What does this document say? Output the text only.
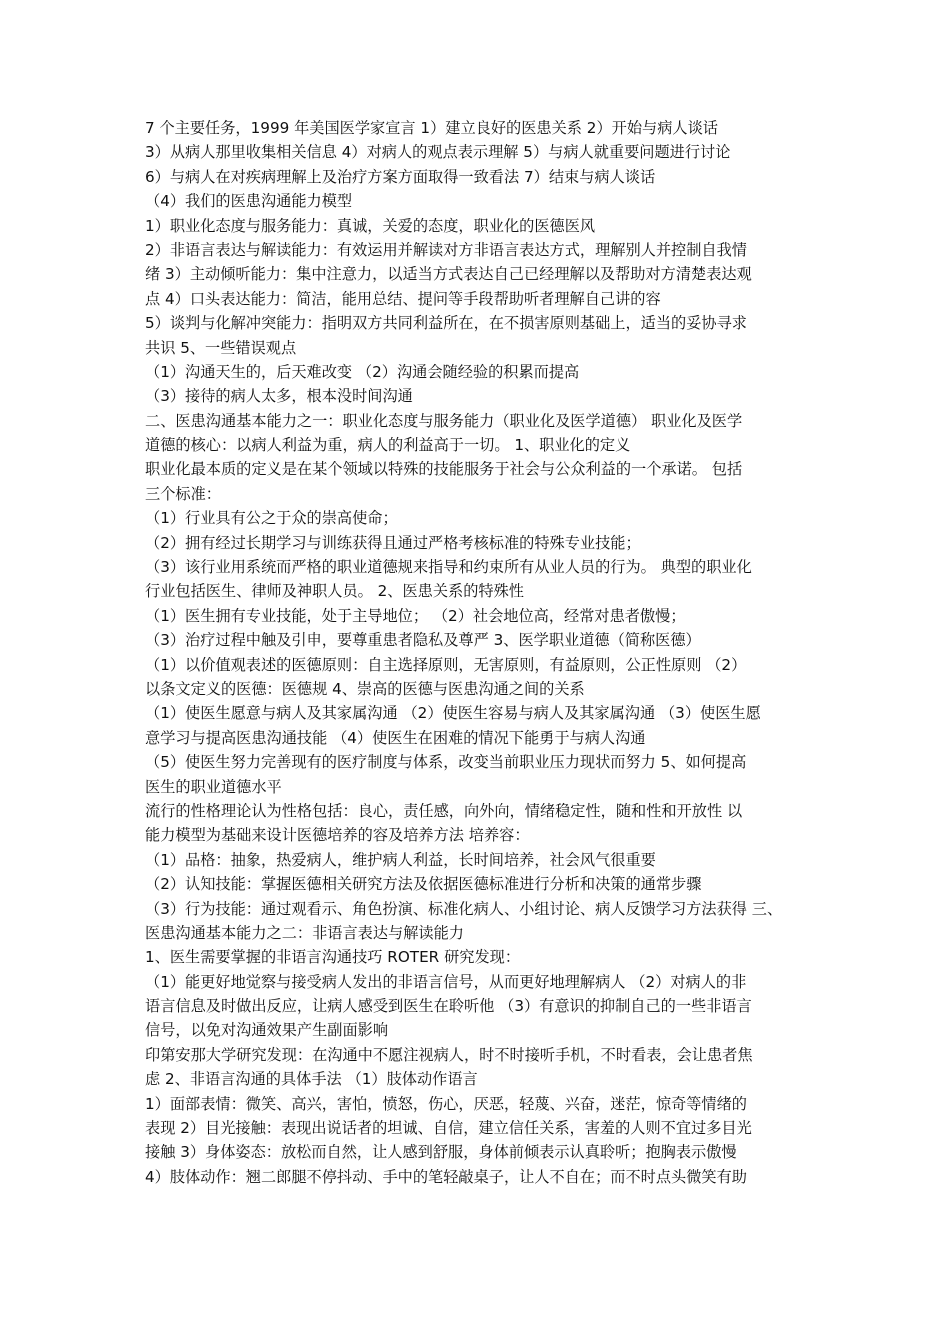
7 个主要任务，1999 年美国医学家宣言 1）建立良好的医患关系 2）开始与病人谈话
3）从病人那里收集相关信息 4）对病人的观点表示理解 5）与病人就重要问题进行讨论
6）与病人在对疾病理解上及治疗方案方面取得一致看法 7）结束与病人谈话
（4）我们的医患沟通能力模型
1）职业化态度与服务能力：真诚，关爱的态度，职业化的医德医风
2）非语言表达与解读能力：有效运用并解读对方非语言表达方式，理解别人并控制自我情
绪 3）主动倾听能力：集中注意力，以适当方式表达自己已经理解以及帮助对方清楚表达观
点 4）口头表达能力：简洁，能用总结、提问等手段帮助听者理解自己讲的容
5）谈判与化解冲突能力：指明双方共同利益所在，在不损害原则基础上，适当的妥协寻求
共识 5、一些错误观点
（1）沟通天生的，后天难改变 （2）沟通会随经验的积累而提高
（3）接待的病人太多，根本没时间沟通
二、医患沟通基本能力之一：职业化态度与服务能力（职业化及医学道德） 职业化及医学
道德的核心：以病人利益为重，病人的利益高于一切。 1、职业化的定义
职业化最本质的定义是在某个领域以特殊的技能服务于社会与公众利益的一个承诺。 包括
三个标准：
（1）行业具有公之于众的崇高使命；
（2）拥有经过长期学习与训练获得且通过严格考核标准的特殊专业技能；
（3）该行业用系统而严格的职业道德规来指导和约束所有从业人员的行为。 典型的职业化
行业包括医生、律师及神职人员。 2、医患关系的特殊性
（1）医生拥有专业技能，处于主导地位； （2）社会地位高，经常对患者傲慢；
（3）治疗过程中触及引申，要尊重患者隐私及尊严 3、医学职业道德（简称医德）
（1）以价值观表述的医德原则：自主选择原则，无害原则，有益原则，公正性原则 （2）
以条文定义的医德：医德规 4、崇高的医德与医患沟通之间的关系
（1）使医生愿意与病人及其家属沟通 （2）使医生容易与病人及其家属沟通 （3）使医生愿
意学习与提高医患沟通技能 （4）使医生在困难的情况下能勇于与病人沟通
（5）使医生努力完善现有的医疗制度与体系，改变当前职业压力现状而努力 5、如何提高
医生的职业道德水平
流行的性格理论认为性格包括：良心，责任感，向外向，情绪稳定性，随和性和开放性 以
能力模型为基础来设计医德培养的容及培养方法 培养容：
（1）品格：抽象，热爱病人，维护病人利益，长时间培养，社会风气很重要
（2）认知技能：掌握医德相关研究方法及依据医德标准进行分析和决策的通常步骤
（3）行为技能：通过观看示、角色扮演、标准化病人、小组讨论、病人反馈学习方法获得 三、
医患沟通基本能力之二：非语言表达与解读能力
1、医生需要掌握的非语言沟通技巧 ROTER 研究发现：
（1）能更好地觉察与接受病人发出的非语言信号，从而更好地理解病人 （2）对病人的非
语言信息及时做出反应，让病人感受到医生在聆听他 （3）有意识的抑制自己的一些非语言
信号，以免对沟通效果产生副面影响
印第安那大学研究发现：在沟通中不愿注视病人，时不时接听手机，不时看表，会让患者焦
虑 2、非语言沟通的具体手法 （1）肢体动作语言
1）面部表情：微笑、高兴，害怕，愤怒，伤心，厌恶，轻蔑、兴奋，迷茫，惊奇等情绪的
表现 2）目光接触：表现出说话者的坦诚、自信，建立信任关系，害羞的人则不宜过多目光
接触 3）身体姿态：放松而自然，让人感到舒服，身体前倾表示认真聆听；抱胸表示傲慢
4）肢体动作：翘二郎腿不停抖动、手中的笔轻敲桌子，让人不自在；而不时点头微笑有助
